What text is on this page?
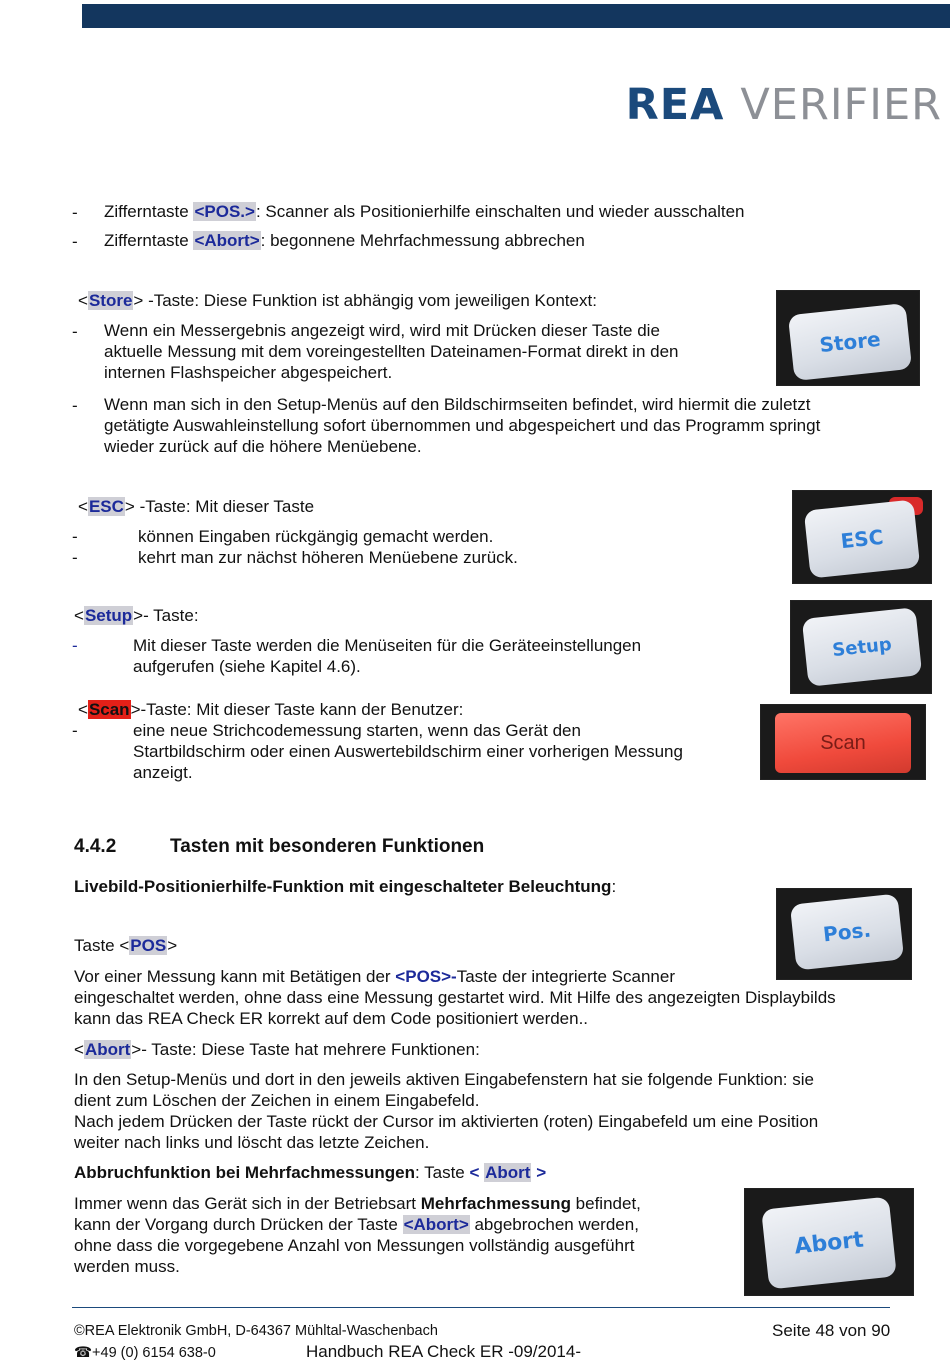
REA VERIFIER
-	Zifferntaste <POS.>: Scanner als Positionierhilfe einschalten und wieder ausschalten
-	Zifferntaste <Abort>: begonnene Mehrfachmessung abbrechen
<Store> -Taste: Diese Funktion ist abhängig vom jeweiligen Kontext:
-	Wenn ein Messergebnis angezeigt wird, wird mit Drücken dieser Taste die
aktuelle Messung mit dem voreingestellten Dateinamen-Format direkt in den
internen Flashspeicher abgespeichert.
-	Wenn man sich in den Setup-Menüs auf den Bildschirmseiten befindet, wird hiermit die zuletzt
getätigte Auswahleinstellung sofort übernommen und abgespeichert und das Programm springt
wieder zurück auf die höhere Menüebene.
Store
<ESC> -Taste: Mit dieser Taste
-	können Eingaben rückgängig gemacht werden.
-	kehrt man zur nächst höheren Menüebene zurück.
ESC
<Setup>- Taste:
-	Mit dieser Taste werden die Menüseiten für die Geräteeinstellungen
aufgerufen (siehe Kapitel 4.6).
Setup
<Scan>-Taste: Mit dieser Taste kann der Benutzer:
-	eine neue Strichcodemessung starten, wenn das Gerät den
Startbildschirm oder einen Auswertebildschirm einer vorherigen Messung
anzeigt.
Scan
4.4.2	Tasten mit besonderen Funktionen
Livebild-Positionierhilfe-Funktion mit eingeschalteter Beleuchtung:
Taste <POS>	Pos.
Vor einer Messung kann mit Betätigen der <POS>-Taste der integrierte Scanner
eingeschaltet werden, ohne dass eine Messung gestartet wird. Mit Hilfe des angezeigten Displaybilds
kann das REA Check ER korrekt auf dem Code positioniert werden..
<Abort>- Taste: Diese Taste hat mehrere Funktionen:
In den Setup-Menüs und dort in den jeweils aktiven Eingabefenstern hat sie folgende Funktion: sie
dient zum Löschen der Zeichen in einem Eingabefeld.
Nach jedem Drücken der Taste rückt der Cursor im aktivierten (roten) Eingabefeld um eine Position
weiter nach links und löscht das letzte Zeichen.
Abbruchfunktion bei Mehrfachmessungen: Taste < Abort >
Immer wenn das Gerät sich in der Betriebsart Mehrfachmessung befindet,
kann der Vorgang durch Drücken der Taste <Abort> abgebrochen werden,
ohne dass die vorgegebene Anzahl von Messungen vollständig ausgeführt
werden muss.
Abort
©REA Elektronik GmbH, D-64367 Mühltal-Waschenbach	Seite 48 von 90
☎+49 (0) 6154 638-0	Handbuch REA Check ER -09/2014-
